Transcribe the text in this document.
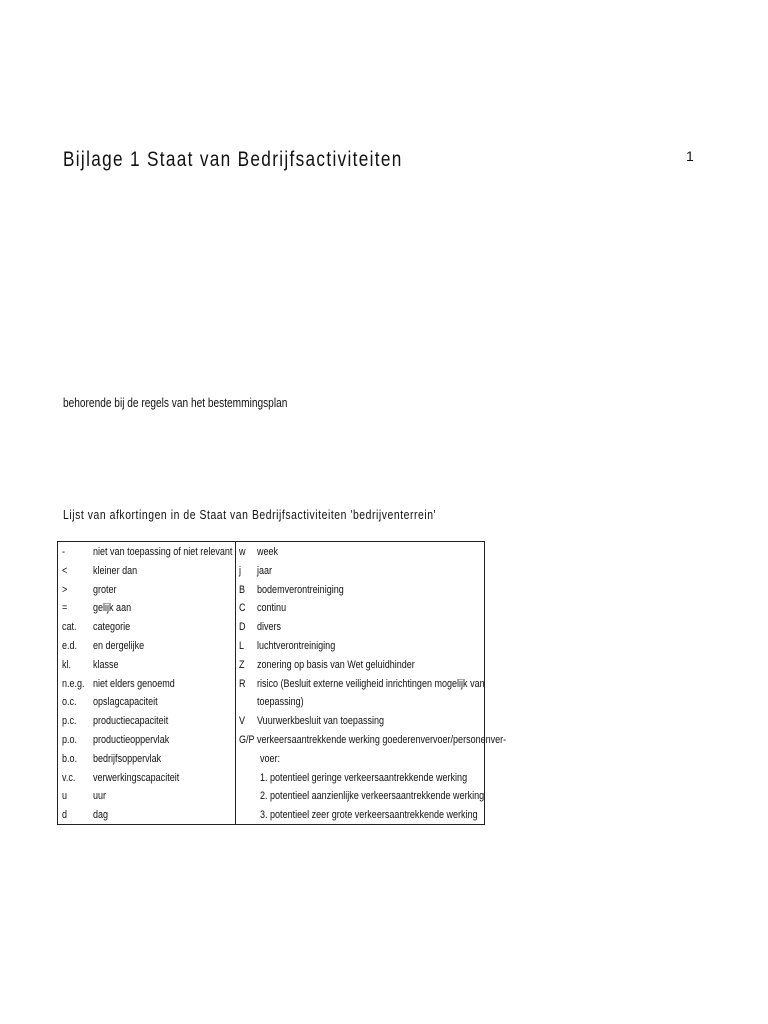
1
Bijlage 1 Staat van Bedrijfsactiviteiten
behorende bij de regels van het bestemmingsplan
Lijst van afkortingen in de Staat van Bedrijfsactiviteiten 'bedrijventerrein'
-	niet van toepassing of niet relevant
< kleiner dan
> groter
= gelijk aan
cat. categorie
e.d. en dergelijke
kl. klasse
n.e.g. niet elders genoemd
o.c. opslagcapaciteit
p.c. productiecapaciteit
p.o. productieoppervlak
b.o. bedrijfsoppervlak
v.c. verwerkingscapaciteit
u uur
d dag
w week
j jaar
B bodemverontreiniging
C continu
D divers
L luchtverontreiniging
Z zonering op basis van Wet geluidhinder
R risico (Besluit externe veiligheid inrichtingen mogelijk van
toepassing)
V Vuurwerkbesluit van toepassing
G/P verkeersaantrekkende werking goederenvervoer/personenver-
voer:
1. potentieel geringe verkeersaantrekkende werking
2. potentieel aanzienlijke verkeersaantrekkende werking
3. potentieel zeer grote verkeersaantrekkende werking
